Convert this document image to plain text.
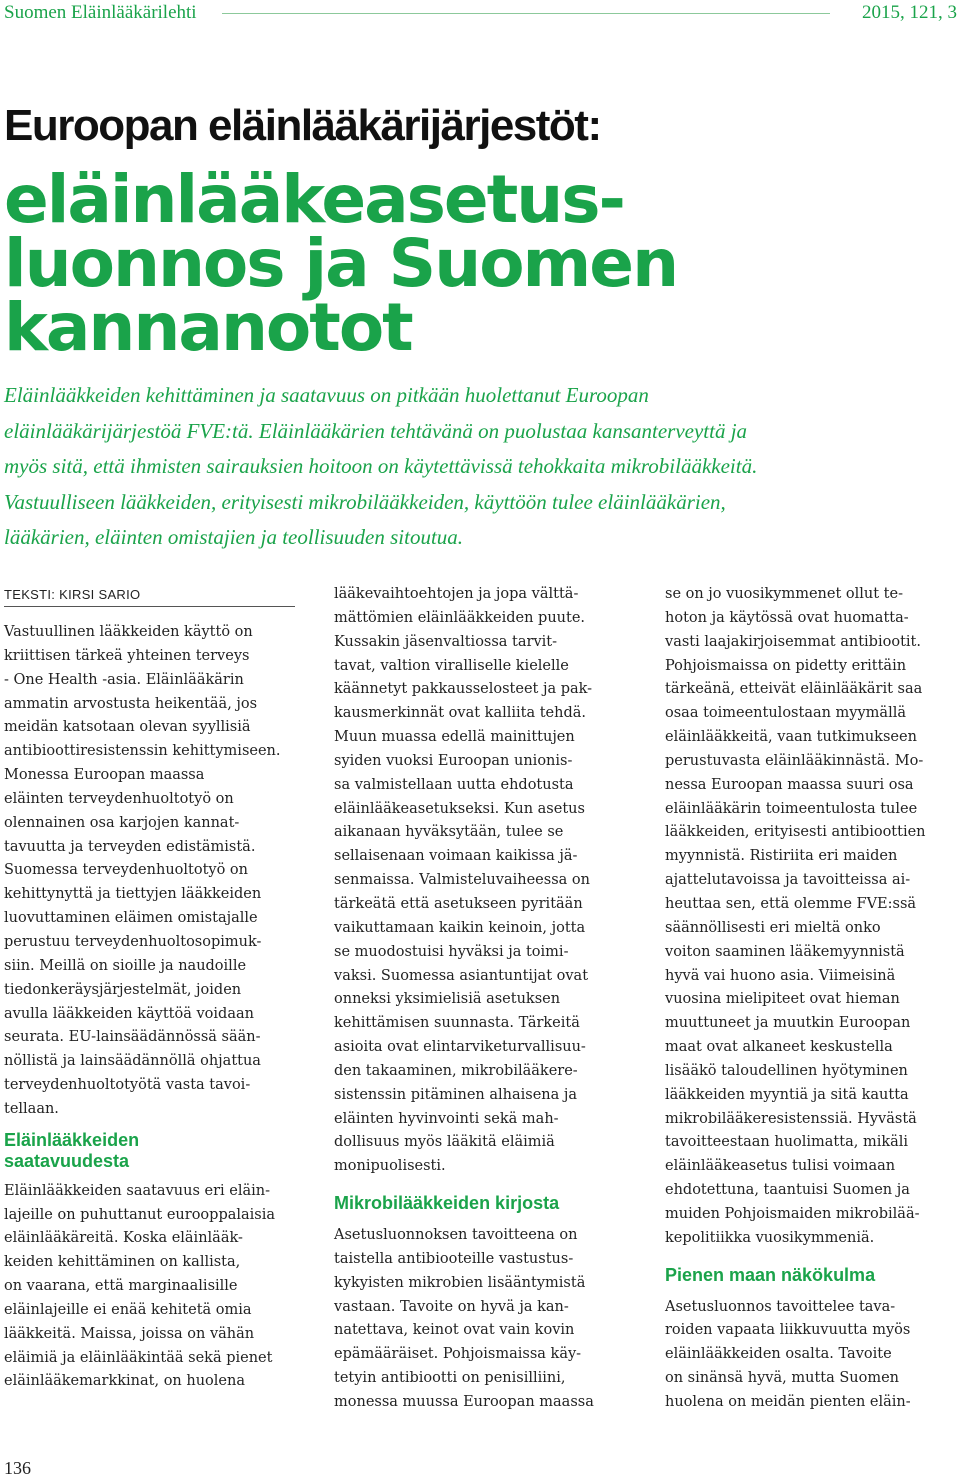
Suomen Eläinlääkärilehti	2015, 121, 3
Euroopan eläinlääkärijärjestöt:
eläinlääkeasetus-
luonnos ja Suomen
kannanotot

Eläinlääkkeiden kehittäminen ja saatavuus on pitkään huolettanut Euroopan
eläinlääkärijärjestöä FVE:tä. Eläinlääkärien tehtävänä on puolustaa kansanterveyttä ja
myös sitä, että ihmisten sairauksien hoitoon on käytettävissä tehokkaita mikrobilääkkeitä.
Vastuulliseen lääkkeiden, erityisesti mikrobilääkkeiden, käyttöön tulee eläinlääkärien,
lääkärien, eläinten omistajien ja teollisuuden sitoutua.

TEKSTI: KIRSI SARIO
Vastuullinen lääkkeiden käyttö on
kriittisen tärkeä yhteinen terveys
- One Health -asia. Eläinlääkärin
ammatin arvostusta heikentää, jos
meidän katsotaan olevan syyllisiä
antibioottiresistenssin kehittymiseen.
Monessa Euroopan maassa
eläinten terveydenhuoltotyö on
olennainen osa karjojen kannat-
tavuutta ja terveyden edistämistä.
Suomessa terveydenhuoltotyö on
kehittynyttä ja tiettyjen lääkkeiden
luovuttaminen eläimen omistajalle
perustuu terveydenhuoltosopimuk-
siin. Meillä on sioille ja naudoille
tiedonkeräysjärjestelmät, joiden
avulla lääkkeiden käyttöä voidaan
seurata. EU-lainsäädännössä sään-
nöllistä ja lainsäädännöllä ohjattua
terveydenhuoltotyötä vasta tavoi-
tellaan.
Eläinlääkkeiden
saatavuudesta
Eläinlääkkeiden saatavuus eri eläin-
lajeille on puhuttanut eurooppalaisia
eläinlääkäreitä. Koska eläinlääk-
keiden kehittäminen on kallista,
on vaarana, että marginaalisille
eläinlajeille ei enää kehitetä omia
lääkkeitä. Maissa, joissa on vähän
eläimiä ja eläinlääkintää sekä pienet
eläinlääkemarkkinat, on huolena
lääkevaihtoehtojen ja jopa välttä-
mättömien eläinlääkkeiden puute.
Kussakin jäsenvaltiossa tarvit-
tavat, valtion viralliselle kielelle
käännetyt pakkausselosteet ja pak-
kausmerkinnät ovat kalliita tehdä.
Muun muassa edellä mainittujen
syiden vuoksi Euroopan unionis-
sa valmistellaan uutta ehdotusta
eläinlääkeasetukseksi. Kun asetus
aikanaan hyväksytään, tulee se
sellaisenaan voimaan kaikissa jä-
senmaissa. Valmisteluvaiheessa on
tärkeätä että asetukseen pyritään
vaikuttamaan kaikin keinoin, jotta
se muodostuisi hyväksi ja toimi-
vaksi. Suomessa asiantuntijat ovat
onneksi yksimielisiä asetuksen
kehittämisen suunnasta. Tärkeitä
asioita ovat elintarviketurvallisuu-
den takaaminen, mikrobilääkere-
sistenssin pitäminen alhaisena ja
eläinten hyvinvointi sekä mah-
dollisuus myös lääkitä eläimiä
monipuolisesti.
Mikrobilääkkeiden kirjosta
Asetusluonnoksen tavoitteena on
taistella antibiooteille vastustus-
kykyisten mikrobien lisääntymistä
vastaan. Tavoite on hyvä ja kan-
natettava, keinot ovat vain kovin
epämääräiset. Pohjoismaissa käy-
tetyin antibiootti on penisilliini,
monessa muussa Euroopan maassa
se on jo vuosikymmenet ollut te-
hoton ja käytössä ovat huomatta-
vasti laajakirjoisemmat antibiootit.
Pohjoismaissa on pidetty erittäin
tärkeänä, etteivät eläinlääkärit saa
osaa toimeentulostaan myymällä
eläinlääkkeitä, vaan tutkimukseen
perustuvasta eläinlääkinnästä. Mo-
nessa Euroopan maassa suuri osa
eläinlääkärin toimeentulosta tulee
lääkkeiden, erityisesti antibioottien
myynnistä. Ristiriita eri maiden
ajattelutavoissa ja tavoitteissa ai-
heuttaa sen, että olemme FVE:ssä
säännöllisesti eri mieltä onko
voiton saaminen lääkemyynnistä
hyvä vai huono asia. Viimeisinä
vuosina mielipiteet ovat hieman
muuttuneet ja muutkin Euroopan
maat ovat alkaneet keskustella
lisääkö taloudellinen hyötyminen
lääkkeiden myyntiä ja sitä kautta
mikrobilääkeresistenssiä. Hyvästä
tavoitteestaan huolimatta, mikäli
eläinlääkeasetus tulisi voimaan
ehdotettuna, taantuisi Suomen ja
muiden Pohjoismaiden mikrobilää-
kepolitiikka vuosikymmeniä.
Pienen maan näkökulma
Asetusluonnos tavoittelee tava-
roiden vapaata liikkuvuutta myös
eläinlääkkeiden osalta. Tavoite
on sinänsä hyvä, mutta Suomen
huolena on meidän pienten eläin-
136
